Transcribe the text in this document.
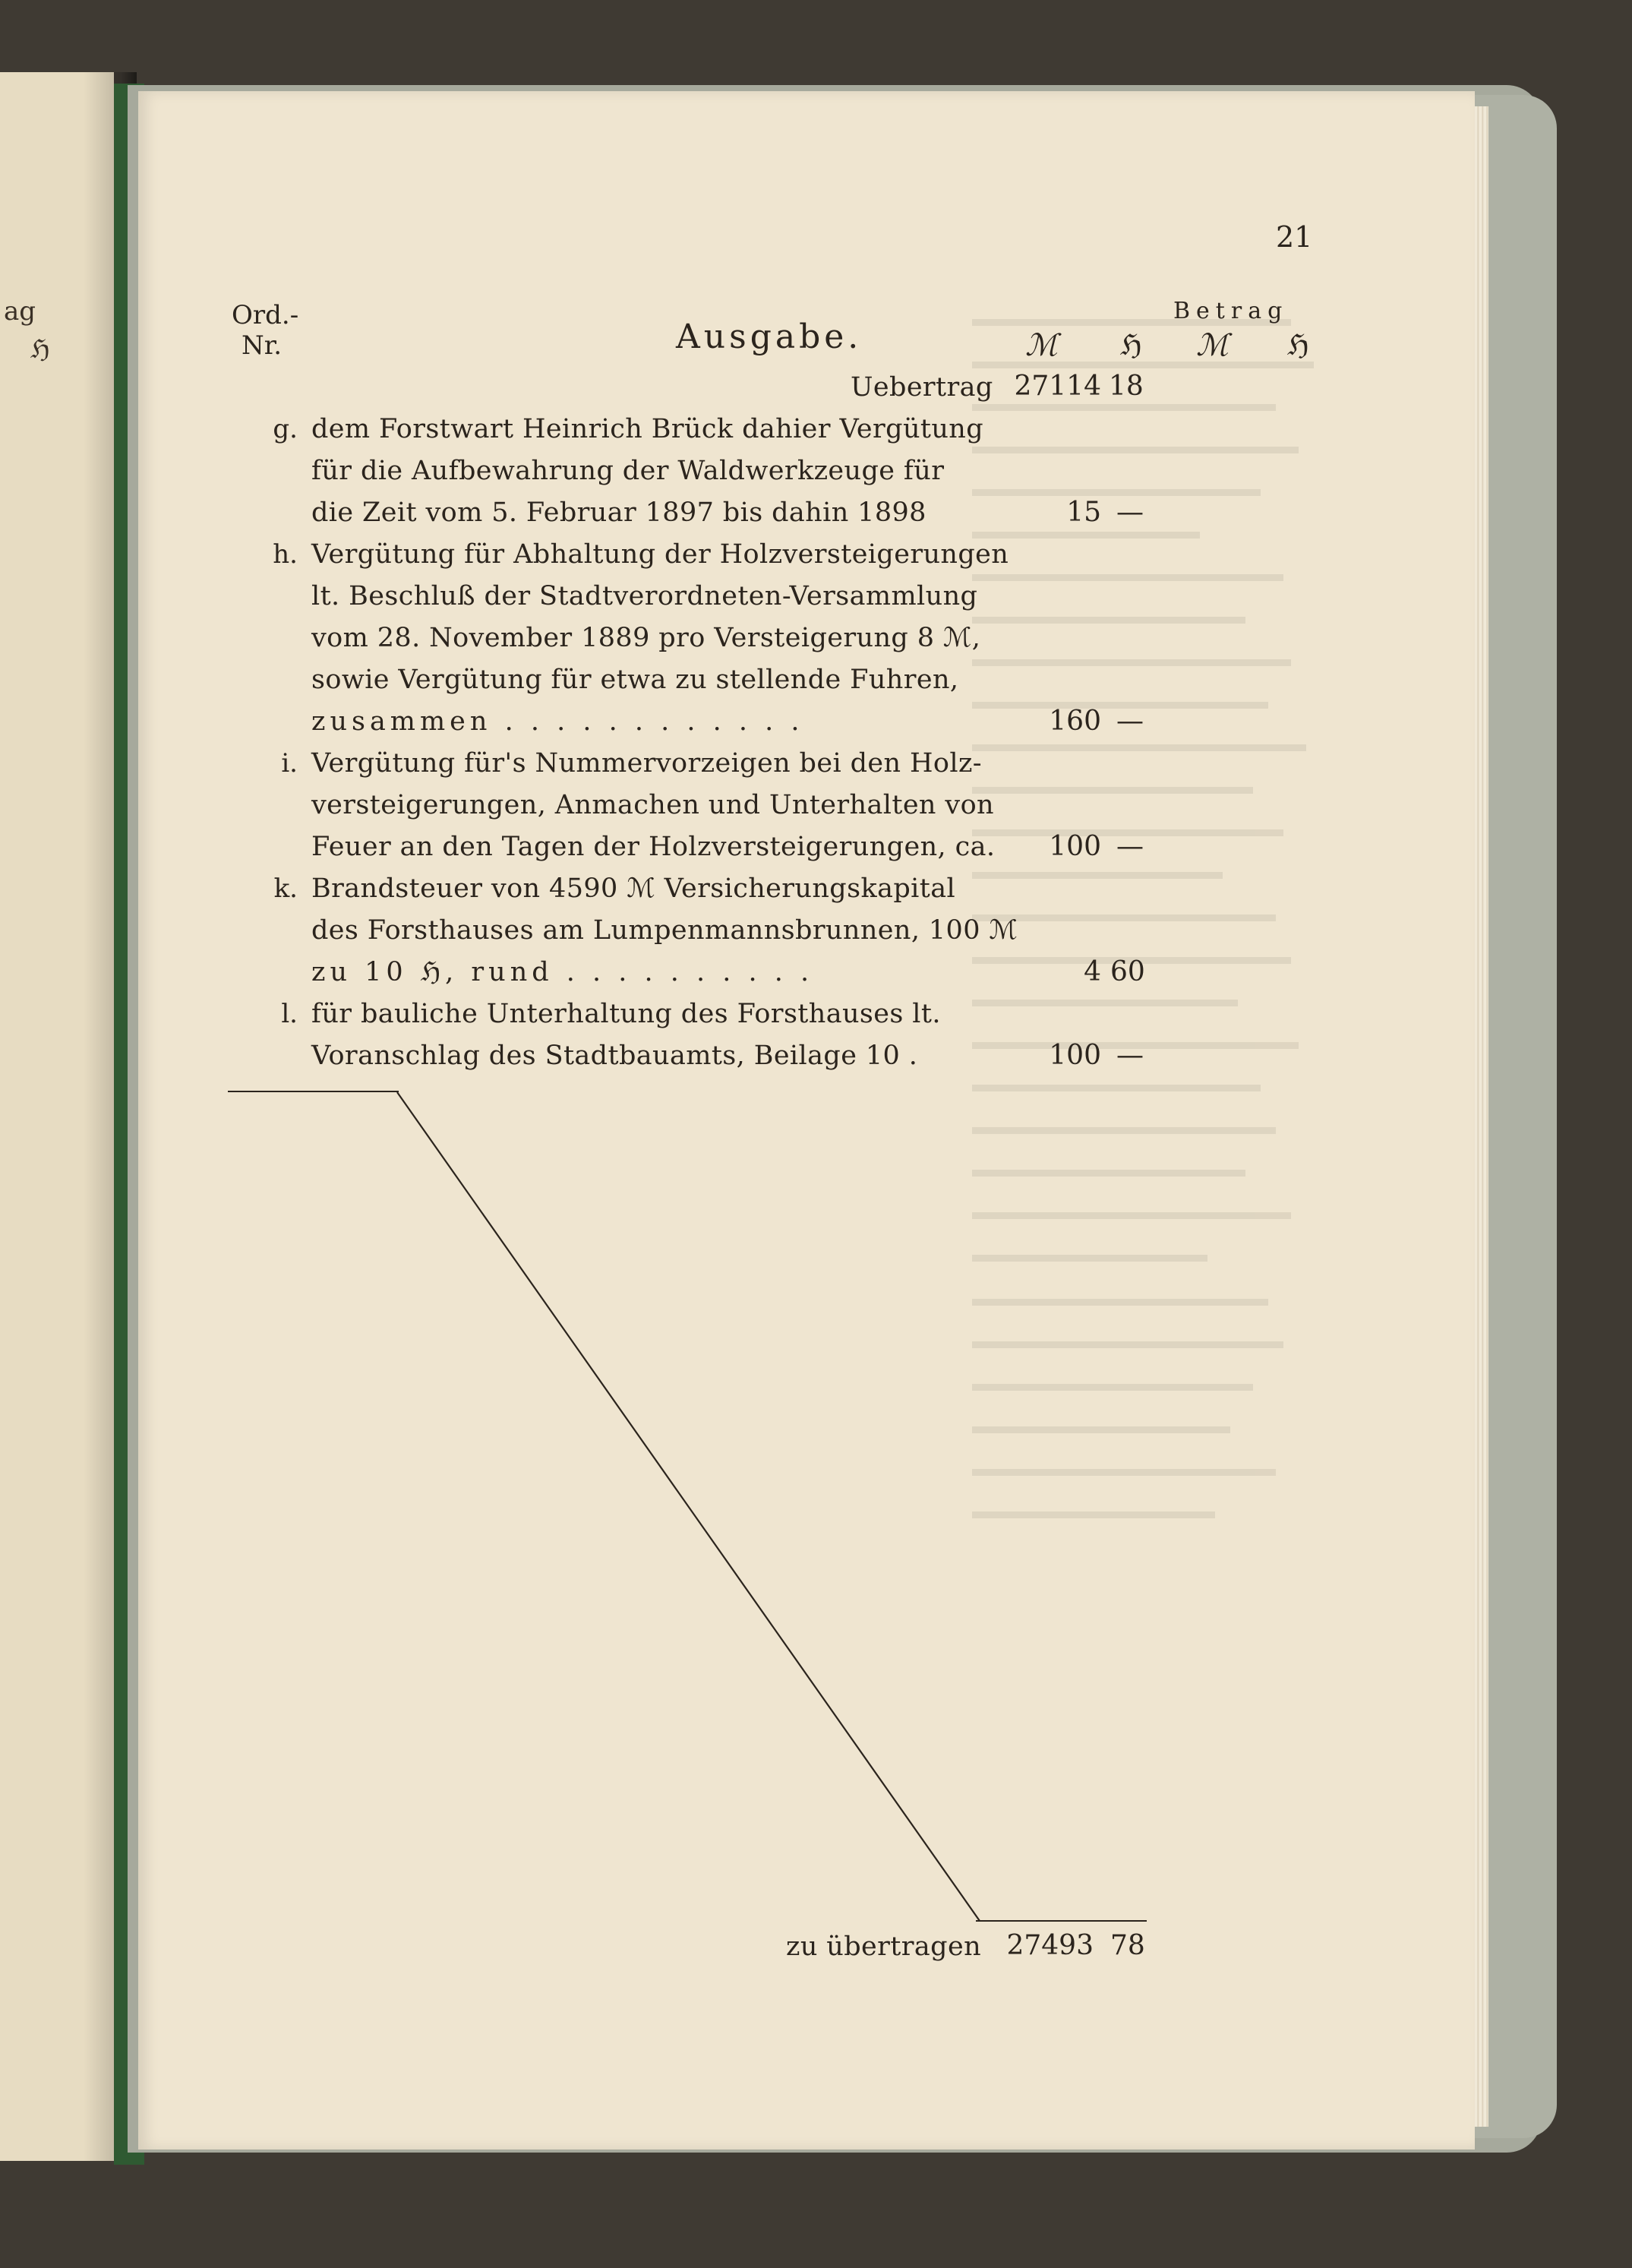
ag
ℌ
21
Ord.-
Nr.	Ausgabe.
Betrag
ℳ ℌ ℳ ℌ
Uebertrag 27114 18
g. dem Forstwart Heinrich Brück dahier Vergütung
für die Aufbewahrung der Waldwerkzeuge für
die Zeit vom 5. Februar 1897 bis dahin 1898	15 —
h. Vergütung für Abhaltung der Holzversteigerungen
lt. Beschluß der Stadtverordneten-Versammlung
vom 28. November 1889 pro Versteigerung 8 ℳ,
sowie Vergütung für etwa zu stellende Fuhren,
zusammen . . . . . . . . . . . .	160 —
i. Vergütung für's Nummervorzeigen bei den Holz-
versteigerungen, Anmachen und Unterhalten von
Feuer an den Tagen der Holzversteigerungen, ca.	100 —
k. Brandsteuer von 4590 ℳ Versicherungskapital
des Forsthauses am Lumpenmannsbrunnen, 100 ℳ
zu 10 ℌ, rund . . . . . . . . . .	4 60
l. für bauliche Unterhaltung des Forsthauses lt.
Voranschlag des Stadtbauamts, Beilage 10 .	100 —
zu übertragen 27493 78
